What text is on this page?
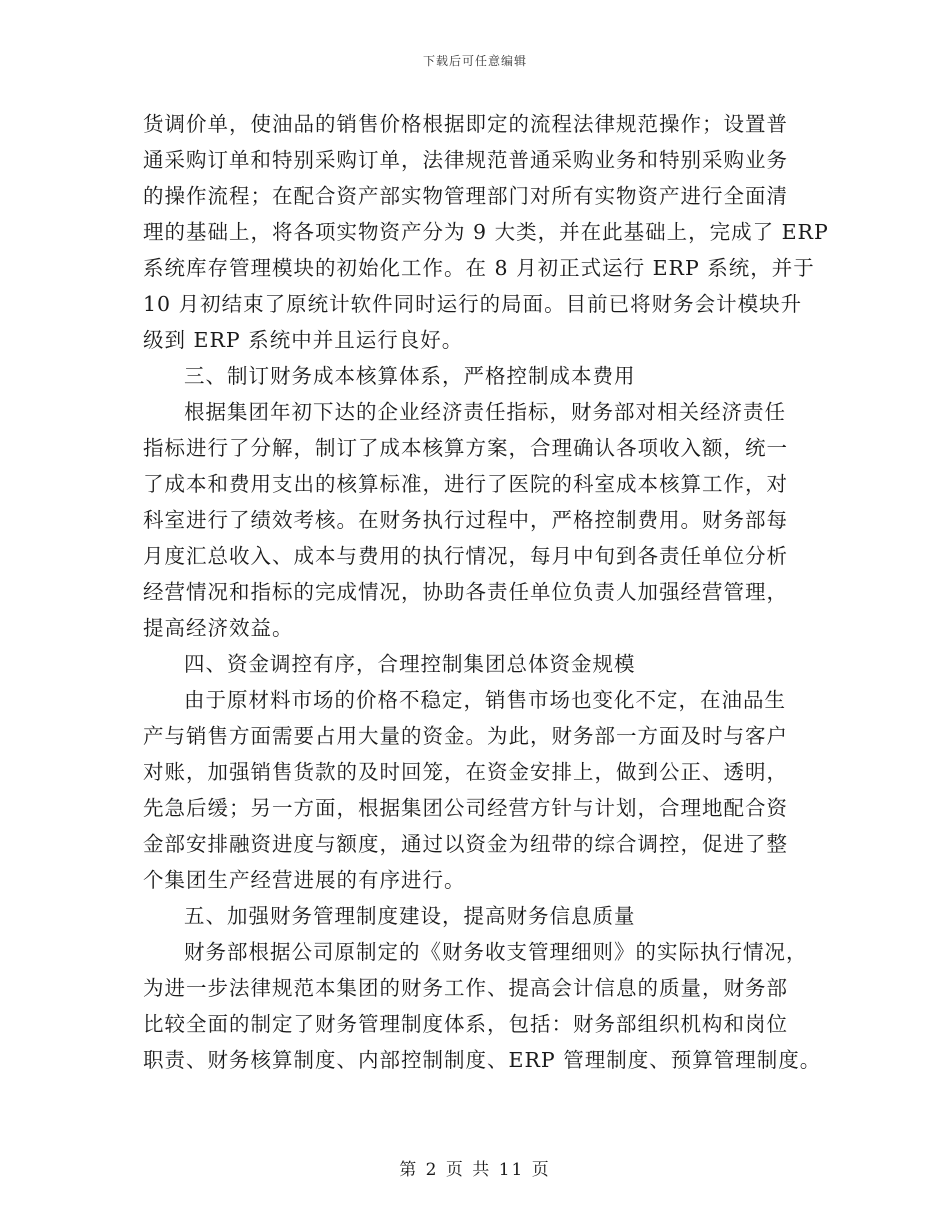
下载后可任意编辑
货调价单，使油品的销售价格根据即定的流程法律规范操作；设置普
通采购订单和特别采购订单，法律规范普通采购业务和特别采购业务
的操作流程；在配合资产部实物管理部门对所有实物资产进行全面清
理的基础上，将各项实物资产分为 9 大类，并在此基础上，完成了 ERP
系统库存管理模块的初始化工作。在 8 月初正式运行 ERP 系统，并于
10 月初结束了原统计软件同时运行的局面。目前已将财务会计模块升
级到 ERP 系统中并且运行良好。
三、制订财务成本核算体系，严格控制成本费用
根据集团年初下达的企业经济责任指标，财务部对相关经济责任
指标进行了分解，制订了成本核算方案，合理确认各项收入额，统一
了成本和费用支出的核算标准，进行了医院的科室成本核算工作，对
科室进行了绩效考核。在财务执行过程中，严格控制费用。财务部每
月度汇总收入、成本与费用的执行情况，每月中旬到各责任单位分析
经营情况和指标的完成情况，协助各责任单位负责人加强经营管理，
提高经济效益。
四、资金调控有序，合理控制集团总体资金规模
由于原材料市场的价格不稳定，销售市场也变化不定，在油品生
产与销售方面需要占用大量的资金。为此，财务部一方面及时与客户
对账，加强销售货款的及时回笼，在资金安排上，做到公正、透明，
先急后缓；另一方面，根据集团公司经营方针与计划，合理地配合资
金部安排融资进度与额度，通过以资金为纽带的综合调控，促进了整
个集团生产经营进展的有序进行。
五、加强财务管理制度建设，提高财务信息质量
财务部根据公司原制定的《财务收支管理细则》的实际执行情况，
为进一步法律规范本集团的财务工作、提高会计信息的质量，财务部
比较全面的制定了财务管理制度体系，包括：财务部组织机构和岗位
职责、财务核算制度、内部控制制度、ERP 管理制度、预算管理制度。
第 2 页 共 11 页
